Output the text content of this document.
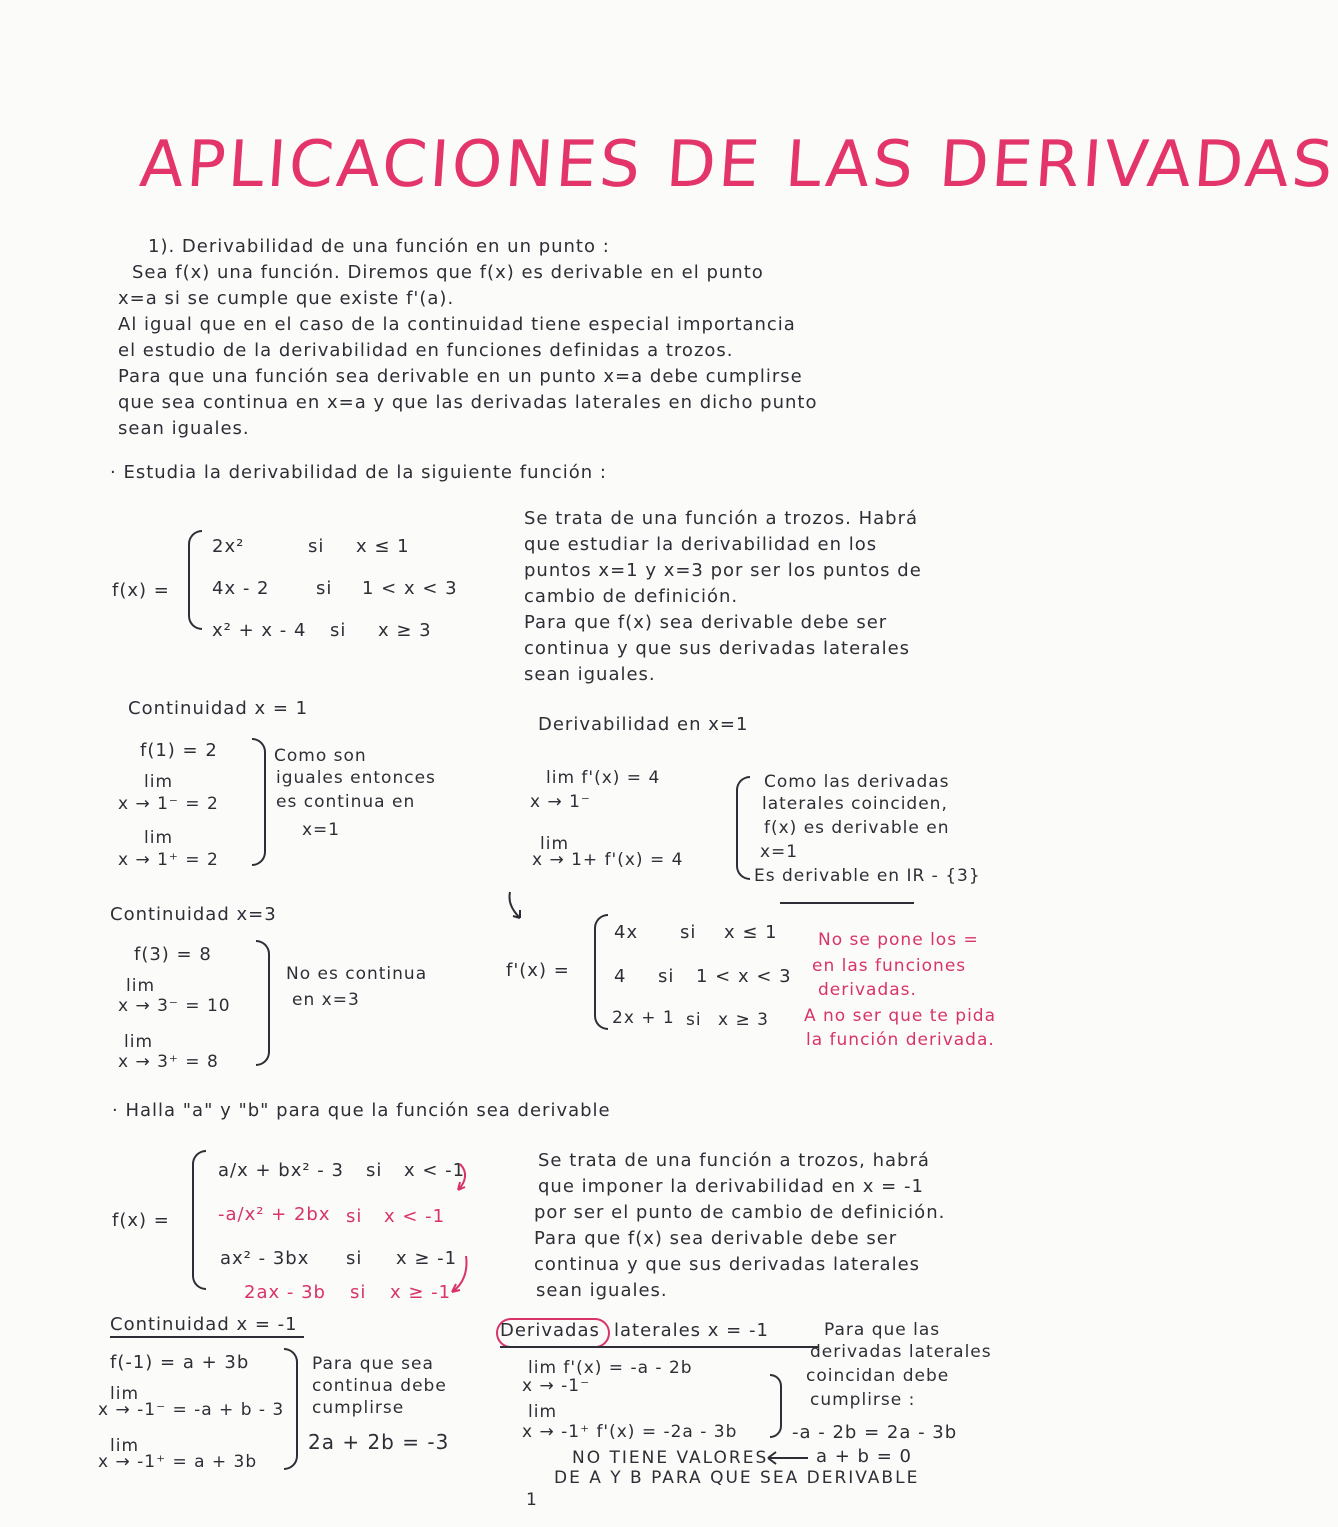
APLICACIONES DE LAS DERIVADAS
1). Derivabilidad de una función en un punto :
Sea f(x) una función. Diremos que f(x) es derivable en el punto
x=a si se cumple que existe f'(a).
Al igual que en el caso de la continuidad tiene especial importancia
el estudio de la derivabilidad en funciones definidas a trozos.
Para que una función sea derivable en un punto x=a debe cumplirse
que sea continua en x=a y que las derivadas laterales en dicho punto
sean iguales.
· Estudia la derivabilidad de la siguiente función :
f(x) =
2x²	si x ≤ 1
4x - 2	si 1 < x < 3
x² + x - 4 si x ≥ 3
Se trata de una función a trozos. Habrá
que estudiar la derivabilidad en los
puntos x=1 y x=3 por ser los puntos de
cambio de definición.
Para que f(x) sea derivable debe ser
continua y que sus derivadas laterales
sean iguales.
Continuidad x = 1
f(1) = 2
lim
x → 1⁻ = 2
lim
x → 1⁺ = 2
Como son
iguales entonces
es continua en
x=1
Derivabilidad en x=1
lim f'(x) = 4
x → 1⁻
lim
x → 1+ f'(x) = 4
Como las derivadas
laterales coinciden,
f(x) es derivable en
x=1
Es derivable en IR - {3}
Continuidad x=3
f(3) = 8
lim
x → 3⁻ = 10
lim
x → 3⁺ = 8
No es continua
en x=3
f'(x) =
4x si x ≤ 1
4 si 1 < x < 3
2x + 1 si x ≥ 3
No se pone los =
en las funciones
derivadas.
A no ser que te pida
la función derivada.
· Halla "a" y "b" para que la función sea derivable
f(x) =
a/x + bx² - 3 si x < -1
-a/x² + 2bx si x < -1
ax² - 3bx si x ≥ -1
2ax - 3b si x ≥ -1
Se trata de una función a trozos, habrá
que imponer la derivabilidad en x = -1
por ser el punto de cambio de definición.
Para que f(x) sea derivable debe ser
continua y que sus derivadas laterales
sean iguales.
Continuidad x = -1
f(-1) = a + 3b
lim
x → -1⁻ = -a + b - 3
lim
x → -1⁺ = a + 3b
Para que sea
continua debe
cumplirse
2a + 2b = -3
Derivadas laterales x = -1
lim f'(x) = -a - 2b
x → -1⁻
lim
x → -1⁺ f'(x) = -2a - 3b
Para que las
derivadas laterales
coincidan debe
cumplirse :
-a - 2b = 2a - 3b
a + b = 0
NO TIENE VALORES
DE A Y B PARA QUE SEA DERIVABLE
1
